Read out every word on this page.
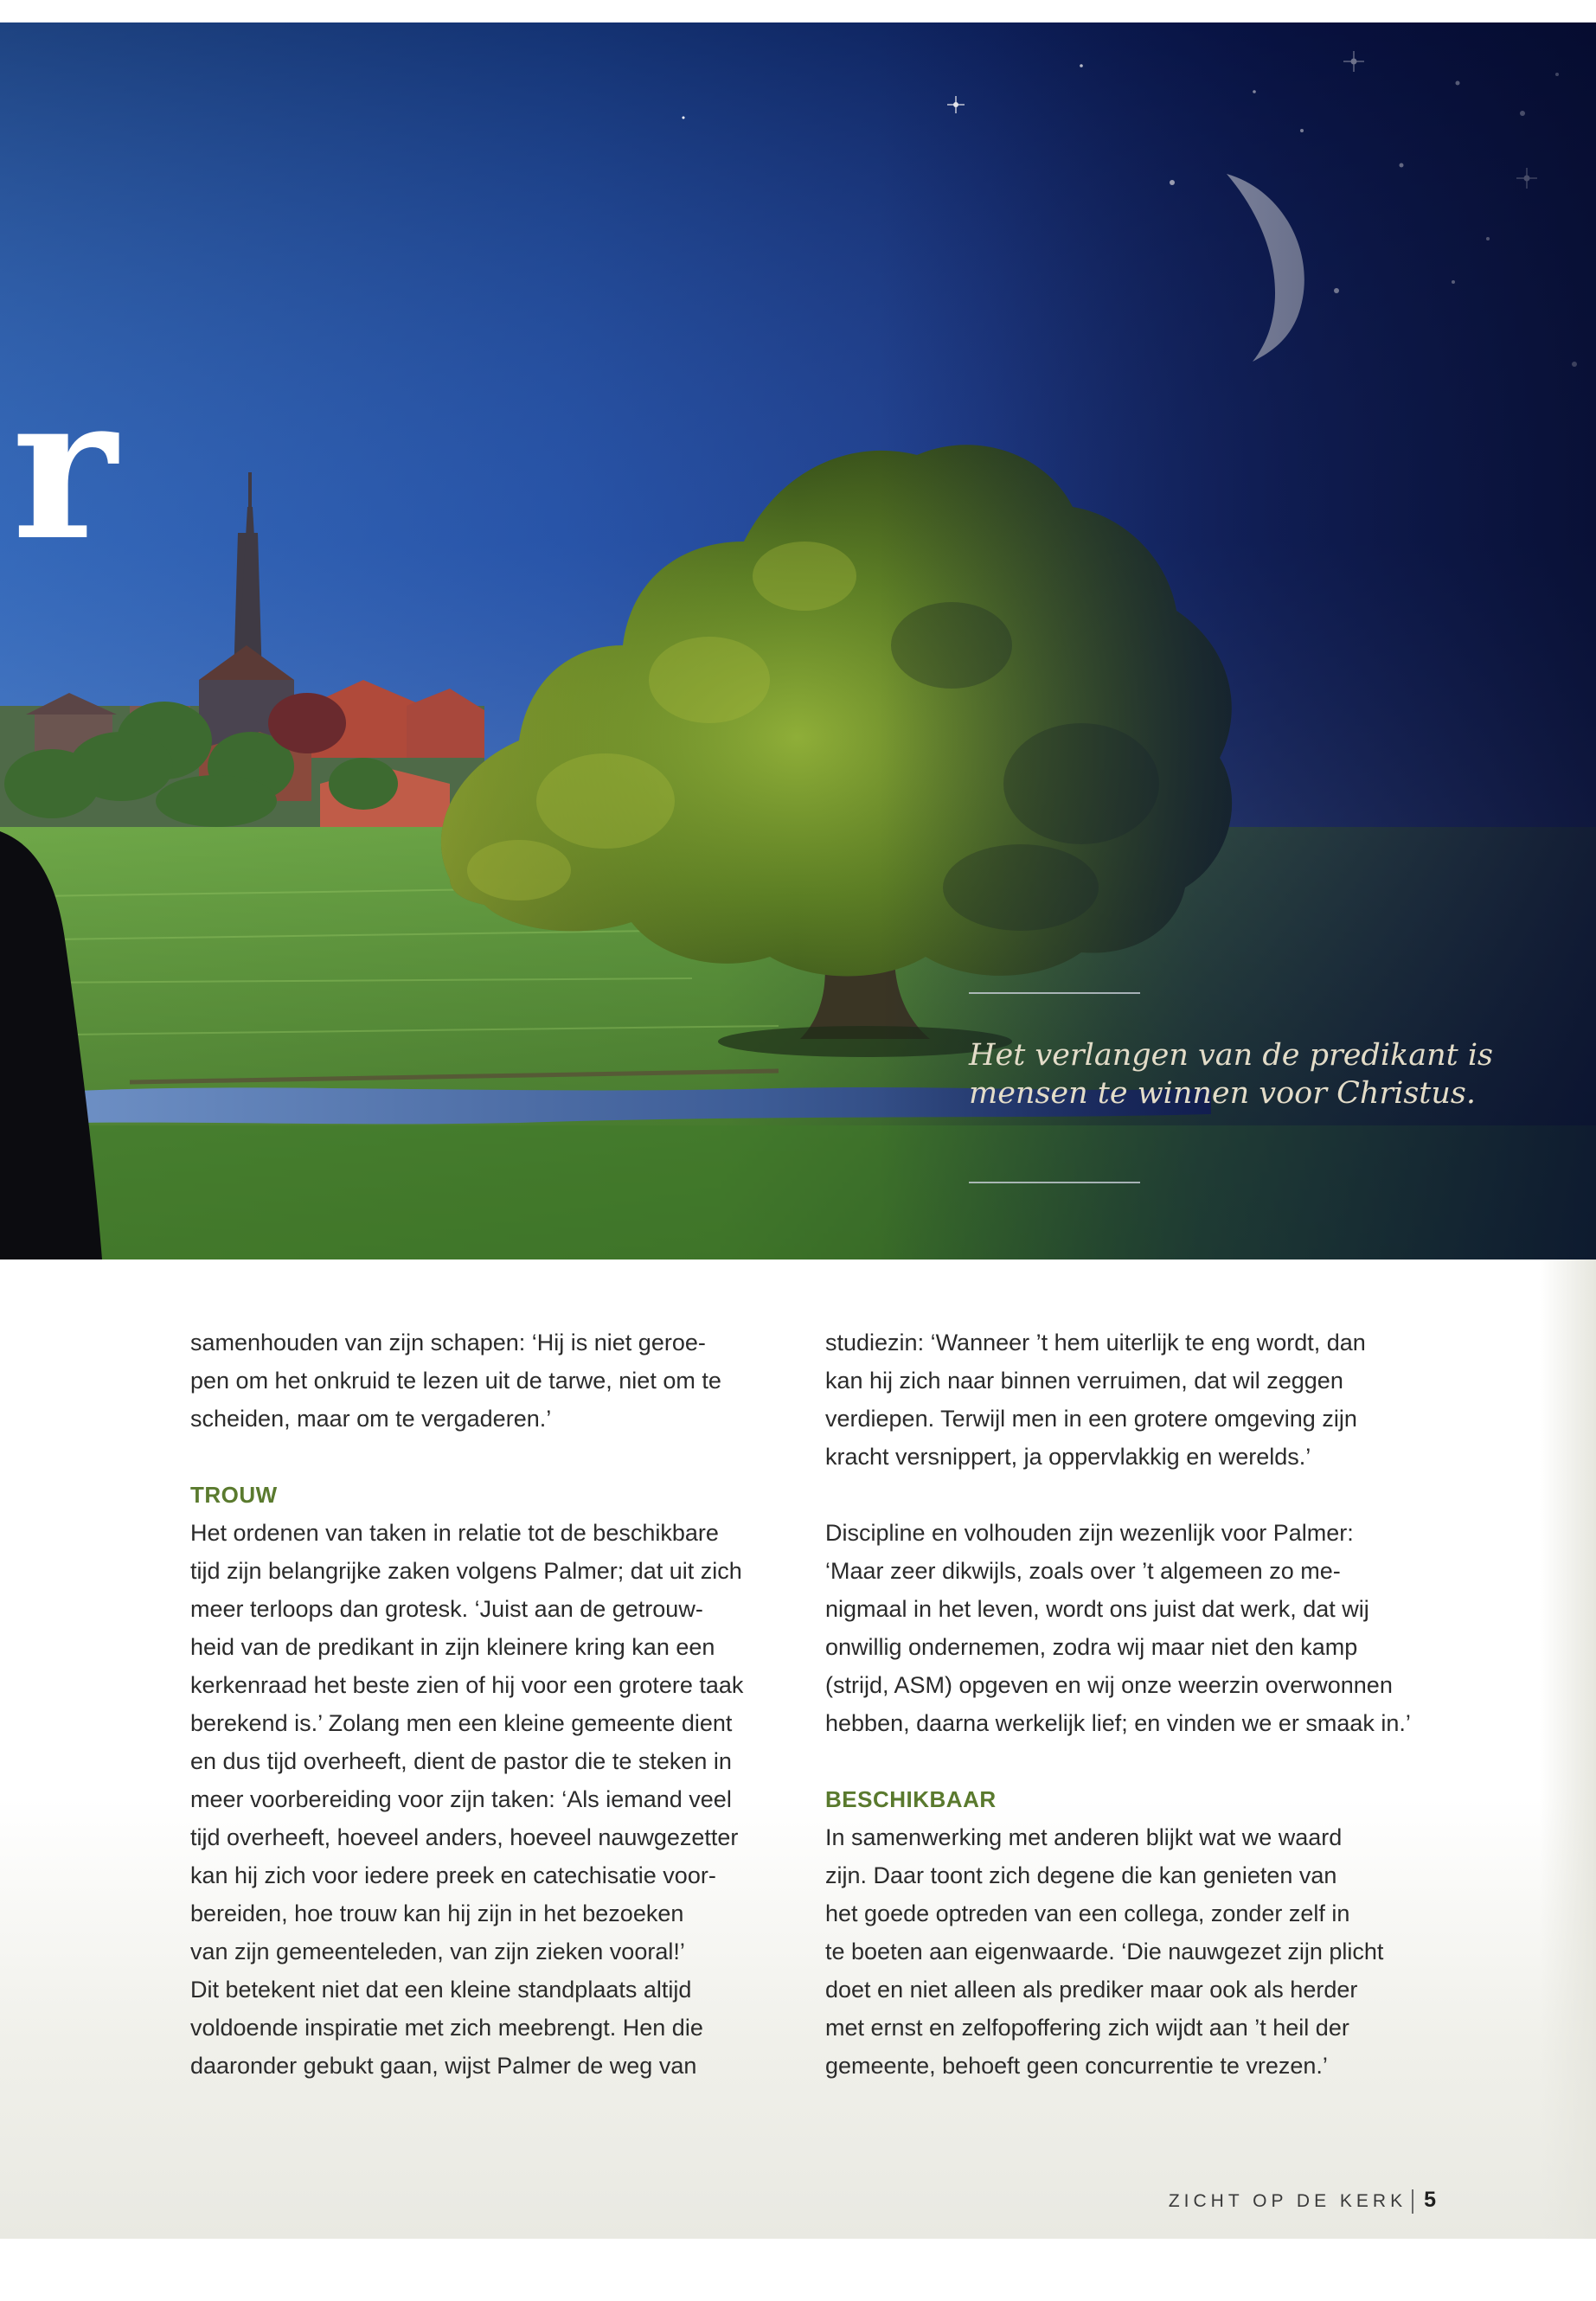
r
Het verlangen van de predikant is
mensen te winnen voor Christus.
samenhouden van zijn schapen: ‘Hij is niet geroe-
pen om het onkruid te lezen uit de tarwe, niet om te
scheiden, maar om te vergaderen.’
TROUW
Het ordenen van taken in relatie tot de beschikbare
tijd zijn belangrijke zaken volgens Palmer; dat uit zich
meer terloops dan grotesk. ‘Juist aan de getrouw-
heid van de predikant in zijn kleinere kring kan een
kerkenraad het beste zien of hij voor een grotere taak
berekend is.’ Zolang men een kleine gemeente dient
en dus tijd overheeft, dient de pastor die te steken in
meer voorbereiding voor zijn taken: ‘Als iemand veel
tijd overheeft, hoeveel anders, hoeveel nauwgezetter
kan hij zich voor iedere preek en catechisatie voor-
bereiden, hoe trouw kan hij zijn in het bezoeken
van zijn gemeenteleden, van zijn zieken vooral!’
Dit betekent niet dat een kleine standplaats altijd
voldoende inspiratie met zich meebrengt. Hen die
daaronder gebukt gaan, wijst Palmer de weg van
studiezin: ‘Wanneer ’t hem uiterlijk te eng wordt, dan
kan hij zich naar binnen verruimen, dat wil zeggen
verdiepen. Terwijl men in een grotere omgeving zijn
kracht versnippert, ja oppervlakkig en werelds.’
Discipline en volhouden zijn wezenlijk voor Palmer:
‘Maar zeer dikwijls, zoals over ’t algemeen zo me-
nigmaal in het leven, wordt ons juist dat werk, dat wij
onwillig ondernemen, zodra wij maar niet den kamp
(strijd, ASM) opgeven en wij onze weerzin overwonnen
hebben, daarna werkelijk lief; en vinden we er smaak in.’
BESCHIKBAAR
In samenwerking met anderen blijkt wat we waard
zijn. Daar toont zich degene die kan genieten van
het goede optreden van een collega, zonder zelf in
te boeten aan eigenwaarde. ‘Die nauwgezet zijn plicht
doet en niet alleen als prediker maar ook als herder
met ernst en zelfopoffering zich wijdt aan ’t heil der
gemeente, behoeft geen concurrentie te vrezen.’
ZICHT OP DE KERK 5
